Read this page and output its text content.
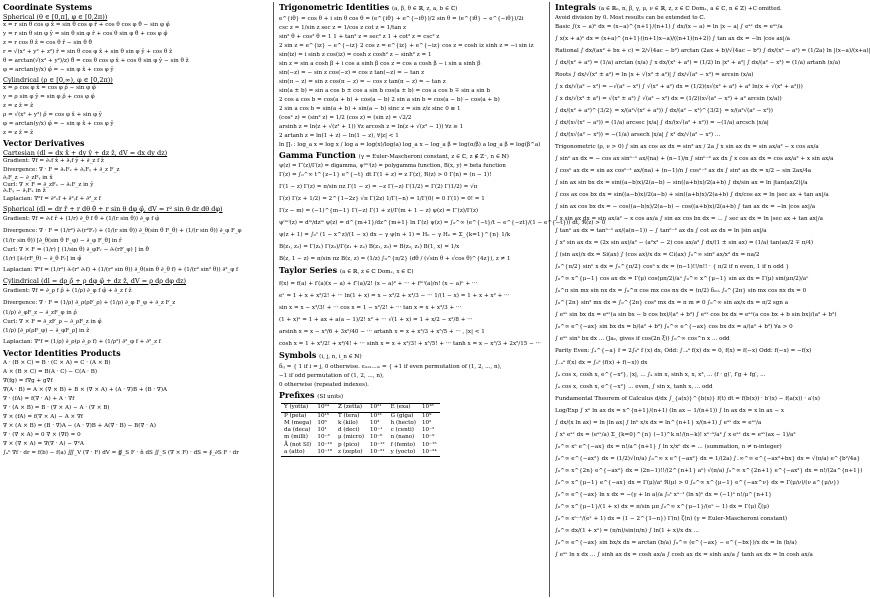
Coordinate Systems
Spherical (θ ∈ [0,π], φ ∈ [0,2π))
x = r sin θ cos φ x̂ = sin θ cos φ r̂ + cos θ cos φ θ̂ − sin φ φ̂
y = r sin θ sin φ ŷ = sin θ sin φ r̂ + cos θ sin φ θ̂ + cos φ φ̂
z = r cos θ ẑ = cos θ r̂ − sin θ θ̂
r = √(x² + y² + z²) r̂ = sin θ cos φ x̂ + sin θ sin φ ŷ + cos θ ẑ
θ = arctan(√(x² + y²)/z) θ̂ = cos θ cos φ x̂ + cos θ sin φ ŷ − sin θ ẑ
φ = arctan(y/x) φ̂ = − sin φ x̂ + cos φ ŷ
Cylindrical (ρ ∈ [0,∞), φ ∈ [0,2π))
x = ρ cos φ x̂ = cos φ ρ̂ − sin φ φ̂
y = ρ sin φ ŷ = sin φ ρ̂ + cos φ φ̂
z = z ẑ = ẑ
ρ = √(x² + y²) ρ̂ = cos φ x̂ + sin φ ŷ
φ = arctan(y/x) φ̂ = − sin φ x̂ + cos φ ŷ
z = z ẑ = ẑ
Vector Derivatives
Cartesian (dl = dx x̂ + dy ŷ + dz ẑ, dV = dx dy dz)
Gradient: ∇f = ∂ₓf x̂ + ∂ᵧf ŷ + ∂_z f ẑ
Divergence: ∇ · F = ∂ₓFₓ + ∂ᵧFᵧ + ∂_z F_z
∂ᵧF_z − ∂_zFᵧ in x̂
Curl: ∇ × F = ∂_zFₓ − ∂ₓF_z in ŷ
∂ₓFᵧ − ∂ᵧFₓ in ẑ
Laplacian: ∇²f = ∂²ₓf + ∂²ᵧf + ∂²_z f
Spherical (dl = dr r̂ + r dθ θ̂ + r sin θ dφ φ̂, dV = r² sin θ dr dθ dφ)
Gradient: ∇f = ∂ᵣf r̂ + (1/r) ∂_θ f θ̂ + (1/(r sin θ)) ∂_φ f φ̂
Divergence: ∇ · F = (1/r²) ∂ᵣ(r²Fᵣ) + (1/(r sin θ)) ∂_θ(sin θ F_θ) + (1/(r sin θ)) ∂_φ F_φ
(1/(r sin θ)) [∂_θ(sin θ F_φ) − ∂_φ F_θ] in r̂
Curl: ∇ × F = (1/r) [ (1/sin θ) ∂_φFᵣ − ∂ᵣ(rF_φ) ] in θ̂
(1/r) [∂ᵣ(rF_θ) − ∂_θ Fᵣ] in φ̂
Laplacian: ∇²f = (1/r²) ∂ᵣ(r² ∂ᵣf) + (1/(r² sin θ)) ∂_θ(sin θ ∂_θ f) + (1/(r² sin² θ)) ∂²_φ f
Cylindrical (dl = dρ ρ̂ + ρ dφ φ̂ + dz ẑ, dV = ρ dρ dφ dz)
Gradient: ∇f = ∂_ρ f ρ̂ + (1/ρ) ∂_φ f φ̂ + ∂_z f ẑ
Divergence: ∇ · F = (1/ρ) ∂_ρ(ρF_ρ) + (1/ρ) ∂_φ F_φ + ∂_z F_z
(1/ρ) ∂_φF_z − ∂_zF_φ in ρ̂
Curl: ∇ × F = ∂_zF_ρ − ∂_ρF_z in φ̂
(1/ρ) [∂_ρ(ρF_φ) − ∂_φF_ρ] in ẑ
Laplacian: ∇²f = (1/ρ) ∂_ρ(ρ ∂_ρ f) + (1/ρ²) ∂²_φ f + ∂²_z f
Vector Identities Products
A · (B × C) = B · (C × A) = C · (A × B)
A × (B × C) = B(A · C) − C(A · B)
∇(fg) = f∇g + g∇f
∇(A · B) = A × (∇ × B) + B × (∇ × A) + (A · ∇)B + (B · ∇)A
∇ · (fA) = f(∇ · A) + A · ∇f
∇ · (A × B) = B · (∇ × A) − A · (∇ × B)
∇ × (fA) = f(∇ × A) − A × ∇f
∇ × (A × B) = (B · ∇)A − (A · ∇)B + A(∇ · B) − B(∇ · A)
∇ · (∇ × A) = 0 ∇ × (∇f) = 0
∇ × (∇ × A) = ∇(∇ · A) − ∇²A
∫ₐᵇ ∇f · dr = f(b) − f(a) ∭_V (∇ · F) dV = ∯_S F · n̂ dS ∬_S (∇ × F) · dS = ∮_∂S F · dr
Trigonometric Identities (a, β, θ ∈ ℝ, z, a, b ∈ ℂ)
e^{iθ} = cos θ + i sin θ cos θ = (e^{iθ} + e^{−iθ})/2 sin θ = (e^{iθ} − e^{−iθ})/2i
csc z = 1/sin z sec z = 1/cos z cot z = 1/tan z
sin² θ + cos² θ = 1 1 + tan² z = sec² z 1 + cot² z = csc² z
2 sin z = e^{iz} − e^{−iz} 2 cos z = e^{iz} + e^{−iz} cos z = cosh iz sinh z = −i sin iz
sin(iz) = i sinh z cos(iz) = cosh z cosh² z − sinh² z = 1
sin z = sin a cosh β + i cos a sinh β cos z = cos a cosh β − i sin a sinh β
sin(−z) = − sin z cos(−z) = cos z tan(−z) = − tan z
sin(π − z) = sin z cos(π − z) = − cos z tan(π − z) = − tan z
sin(a ± b) = sin a cos b ± cos a sin b cos(a ± b) = cos a cos b ∓ sin a sin b
2 cos a cos b = cos(a + b) + cos(a − b) 2 sin a sin b = cos(a − b) − cos(a + b)
2 sin a cos b = sin(a + b) + sin(a − b) sinc z = sin z/z sinc 0 ≡ 1
(cos² z) = (sin² z) = 1/2 (cos z) = (sin z) = √2/2
arsinh z = ln(z + √(z² + 1)) ∀z arcosh z = ln(z + √(z² − 1)) ∀z ≥ 1
2 artanh z = ln(1 + z) − ln(1 − z), ∀|z| < 1
ln ∏ᵢ : log_a x = log x / log a = log(x)/log(a) log_a x − log_a β = log(α/β) a log_a β = log(β^a)
Gamma Function (γ = Euler-Mascheroni constant, z ∈ ℂ, z ∉ ℤ⁻, n ∈ ℕ)
ψ(z) = Γ′(z)/Γ(z) = digamma, ψ⁽ᵐ⁾(z) = polygamma function, B(x, y) = beta function
Γ(z) = ∫₀^∞ t^{z−1} e^{−t} dt Γ(1 + z) = z Γ(z), ℜ(z) > 0 Γ(n) = (n − 1)!
Γ(1 − z) Γ(z) = π/sin πz Γ(1 − z) = −z Γ(−z) Γ(1/2) = Γ(2) Γ(1/2) = √π
Γ(z) Γ(z + 1/2) = 2^{1−2z} √π Γ(2z) 1/Γ(−n) = 1/Γ(0) = 0 Γ(1) = 0! = 1
Γ(z − m) = (−1)^{m−1} Γ(−z) Γ(1 + z)/Γ(m + 1 − z) ψ(z) = Γ′(z)/Γ(z)
ψ⁽ᵐ⁾(z) = dᵐ/dzᵐ ψ(z) = d^{m+1}/dz^{m+1} ln Γ(z) ψ(z) = ∫₀^∞ (e^{−t}/t − e^{−zt}/(1 − e^{−t})) dt, ℜ(z) > 0
ψ(z + 1) = ∫₀¹ (1 − x^z)/(1 − x) dx − γ ψ(n + 1) = Hₙ − γ Hₙ = Σ_{k=1}^{n} 1/k
B(z₁, z₂) = Γ(z₁) Γ(z₂)/Γ(z₁ + z₂) B(z₁, z₂) = B(z₂, z₁) B(1, x) = 1/x
B(z, 1 − z) = π/sin πz B(z, z) = (1/z) ∫₀^{π/2} (dθ / (√sin θ + √cos θ)^{4z}), z ≠ 1
Taylor Series (a ∈ ℝ, z ∈ ℂ Domₓ, x ∈ ℂ)
f(x) = f(a) + f′(a)(x − a) + f″(a)/2! (x − a)² + ··· + f⁽ⁿ⁾(a)/n! (x − a)ⁿ + ···
eˣ = 1 + x + x²/2! + ··· ln(1 + x) = x − x²/2 + x³/3 − ··· 1/(1 − x) = 1 + x + x² + ···
sin x = x − x³/3! + ··· cos x = 1 − x²/2! + ··· tan x = x + x³/3 + ···
(1 + x)ᵃ = 1 + ax + a(a − 1)/2! x² + ··· √(1 + x) = 1 + x/2 − x²/8 + ···
arsinh x = x − x³/6 + 3x⁵/40 − ··· artanh x = x + x³/3 + x⁵/5 + ··· , |x| < 1
cosh x = 1 + x²/2! + x⁴/4! + ··· sinh x = x + x³/3! + x⁵/5! + ··· tanh x = x − x³/3 + 2x⁵/15 − ···
Symbols (i, j, n, i_n ∈ ℕ)
δᵢⱼ = { 1 if i = j, 0 otherwise. εᵢ₁ᵢ₂...ᵢₙ = { +1 if even permutation of (1, 2, ..., n),
−1 if odd permutation of (1, 2, ..., n),
0 otherwise (repeated indexes).
Prefixes (SI units)
Y (yotta)	10²⁴	Z (zetta)	10²¹	E (exa)	10¹⁸
P (peta)	10¹⁵	T (tera)	10¹²	G (giga)	10⁹
M (mega)	10⁶	k (kilo)	10³	h (hecto)	10²
da (deca)	10¹	d (deci)	10⁻¹	c (centi)	10⁻²
m (milli)	10⁻³	μ (micro)	10⁻⁶	n (nano)	10⁻⁹
Å (not SI)	10⁻¹⁰	p (pico)	10⁻¹²	f (femto)	10⁻¹⁵
a (atto)	10⁻¹⁸	z (zepto)	10⁻²¹	y (yocto)	10⁻²⁴
Integrals (a ∈ ℝ₀, n, β, γ, μ, ν ∈ ℝ, z, z ∈ ℂ Domₓ, a ∈ ℂ, n ∈ ℤ) +C omitted.
Avoid division by 0. Most results can be extended to ℂ.
Basic ∫(x − a)ⁿ dx = (x−a)^{n+1}/(n+1) ∫ dx/(x − a) = ln |x − a| ∫ eᵃˣ dx = eᵃˣ/a
∫ x(x + a)ⁿ dx = (x+a)^{n+1}((n+1)x−a)/((n+1)(n+2)) ∫ tan ax dx = −ln |cos ax|/a
Rational ∫ dx/(ax² + bx + c) = 2/√(4ac − b²) arctan (2ax + b)/√(4ac − b²) ∫ dx/(x² − a²) = (1/2a) ln |(x−a)/(x+a)|
∫ dx/(x² + a²) = (1/a) arctan (x/a) ∫ x dx/(x² + a²) = (1/2) ln |x² + a²| ∫ dx/(a² − x²) = (1/a) artanh (x/a)
Roots ∫ dx/√(x² ± a²) = ln |x + √(x² ± a²)| ∫ dx/√(a² − x²) = arcsin (x/a)
∫ x dx/√(a² − x²) = −√(a² − x²) ∫ √(x² + a²) dx = (1/2)(x√(x² + a²) + a² ln(x + √(x² + a²)))
∫ x dx/√(x² ± a²) = √(x² ± a²) ∫ √(a² − x²) dx = (1/2)(x√(a² − x²) + a² arcsin (x/a))
∫ dx/(x² + a²)^{3/2} = x/(a²√(x² + a²)) ∫ dx/(a² − x²)^{3/2} = x/(a²√(a² − x²))
∫ dx/(x√(x² − a²)) = (1/a) arcsec |x/a| ∫ dx/(x√(a² + x²)) = −(1/a) arcsch |x/a|
∫ dx/(x√(a² − x²)) = −(1/a) arsech |x/a| ∫ x² dx/√(a² − x²) ...
Trigonometric (ρ, ν > 0) ∫ sin ax cos ax dx = sin² ax / 2a ∫ x sin ax dx = sin ax/a² − x cos ax/a
∫ sinⁿ ax dx = − cos ax sinⁿ⁻¹ ax/(na) + (n−1)/n ∫ sinⁿ⁻² ax dx ∫ x cos ax dx = cos ax/a² + x sin ax/a
∫ cosⁿ ax dx = sin ax cosⁿ⁻¹ ax/(na) + (n−1)/n ∫ cosⁿ⁻² ax dx ∫ sin² ax dx = x/2 − sin 2ax/4a
∫ sin ax sin bx dx = sin((a−b)x)/2(a−b) − sin((a+b)x)/2(a+b) ∫ dx/sin ax = ln |tan(ax/2)|/a
∫ cos ax cos bx dx = sin((a−b)x)/2(a−b) + sin((a+b)x)/2(a+b) ∫ dx/cos ax = ln |sec ax + tan ax|/a
∫ sin ax cos bx dx = − cos((a−b)x)/2(a−b) − cos((a+b)x)/2(a+b) ∫ tan ax dx = −ln |cos ax|/a
∫ x sin ax dx = sin ax/a² − x cos ax/a ∫ sin ax cos bx dx = ... ∫ sec ax dx = ln |sec ax + tan ax|/a
∫ tanⁿ ax dx = tanⁿ⁻¹ ax/(a(n−1)) − ∫ tanⁿ⁻² ax dx ∫ cot ax dx = ln |sin ax|/a
∫ x² sin ax dx = (2x sin ax)/a² − (a²x² − 2) cos ax/a³ ∫ dx/(1 ± sin ax) = (1/a) tan(ax/2 ∓ π/4)
∫ (sin ax)/x dx = Si(ax) ∫ (cos ax)/x dx = Ci(ax) ∫₀^∞ sin² ax/x² dx = πa/2
∫₀^{π/2} sinⁿ x dx = ∫₀^{π/2} cosⁿ x dx = (n−1)!!/n!! · { π/2 if n even, 1 if n odd }
∫₀^∞ x^{μ−1} cos ax dx = Γ(μ) cos(μπ/2)/aᵘ ∫₀^∞ x^{μ−1} sin ax dx = Γ(μ) sin(μπ/2)/aᵘ
∫₀^π sin mx sin nx dx = ∫₀^π cos mx cos nx dx = (π/2) δₘₙ ∫₀^{2π} sin mx cos nx dx = 0
∫₀^{2π} sin² mx dx = ∫₀^{2π} cos² mx dx = π m ≠ 0 ∫₀^∞ sin ax/x dx = π/2 sgn a
∫ eᵃˣ sin bx dx = eᵃˣ(a sin bx − b cos bx)/(a² + b²) ∫ eᵃˣ cos bx dx = eᵃˣ(a cos bx + b sin bx)/(a² + b²)
∫₀^∞ e^{−ax} sin bx dx = b/(a² + b²) ∫₀^∞ e^{−ax} cos bx dx = a/(a² + b²) ∀a > 0
∫ eᵃˣ sinⁿ bx dx ... (Ja₂, gives if cos(2n ξ)) ∫₀^∞ cos^n x ... odd
Parity Even: ∫ₐ^{−a} f = 2∫₀ᵃ f (x) dx, Odd: ∫₋ₐᵃ f(x) dx = 0, f(x) = f(−x) Odd: f(−x) = −f(x)
∫₋ₐᵃ f(x) dx = ∫₀ᵃ (f(x) + f(−x)) dx
∫ₐ cos x, cosh x, e^{−x²}, |x|, ... ∫ₐ sin x, sinh x, x, x³, ... (f · g)′, f′g + fg′, ...
∫ₐ cos x, cosh x, e^{−x²} ... even, ∫ sin x, tanh x, ... odd
Fundamental Theorem of Calculus d/dx ∫_{a(x)}^{b(x)} f(t) dt = f(b(x)) · b′(x) − f(a(x)) · a′(x)
Log/Exp ∫ xⁿ ln ax dx = x^{n+1}/(n+1) (ln ax − 1/(n+1)) ∫ ln ax dx = x ln ax − x
∫ dx/(x ln ax) = ln |ln ax| ∫ lnⁿ x/x dx = ln^{n+1} x/(n+1) ∫ eᵃˣ dx = eᵃˣ/a
∫ xⁿ eᵃˣ dx = (eᵃˣ/a) Σ_{k=0}^{n} (−1)^k n!/(n−k)! xⁿ⁻ᵏ/aᵏ ∫ x eᵃˣ dx = eᵃˣ(ax − 1)/a²
∫₀^∞ xⁿ e^{−ax} dx = n!/a^{n+1} ∫ ln x/xⁿ dx = ... (summation, n ≠ n-integer)
∫₀^∞ e^{−ax²} dx = (1/2)√(π/a) ∫₀^∞ x e^{−ax²} dx = 1/(2a) ∫₋∞^∞ e^{−ax²+bx} dx = √(π/a) e^{b²/4a}
∫₀^∞ x^{2n} e^{−ax²} dx = (2n−1)!!/(2^{n+1} aⁿ) √(π/a) ∫₀^∞ x^{2n+1} e^{−ax²} dx = n!/(2a^{n+1})
∫₀^∞ x^{μ−1} e^{−ax} dx = Γ(μ)/aᵘ ℜ(μ) > 0 ∫₀^∞ x^{μ−1} e^{−ax^ν} dx = Γ(μ/ν)/(ν a^{μ/ν})
∫₀^∞ e^{−ax} ln x dx = −(γ + ln a)/a ∫₀¹ xᵘ⁻¹ (ln x)ⁿ dx = (−1)ⁿ n!/μ^{n+1}
∫₀^∞ x^{μ−1}/(1 + x) dx = π/sin μπ ∫₀^∞ x^{μ−1}/(eˣ − 1) dx = Γ(μ) ζ(μ)
∫₀^∞ xⁿ⁻¹/(eˣ + 1) dx = (1 − 2^{1−n}) Γ(n) ζ(n) (γ = Euler-Mascheroni constant)
∫₀^∞ dx/(1 + xⁿ) = (π/n)/sin(π/n) ∫ ln(1 + x)/x dx ...
∫₀^∞ e^{−ax} sin bx/x dx = arctan (b/a) ∫₀^∞ (e^{−ax} − e^{−bx})/x dx = ln (b/a)
∫ eᵃˣ ln x dx ... ∫ sinh ax dx = cosh ax/a ∫ cosh ax dx = sinh ax/a ∫ tanh ax dx = ln cosh ax/a
